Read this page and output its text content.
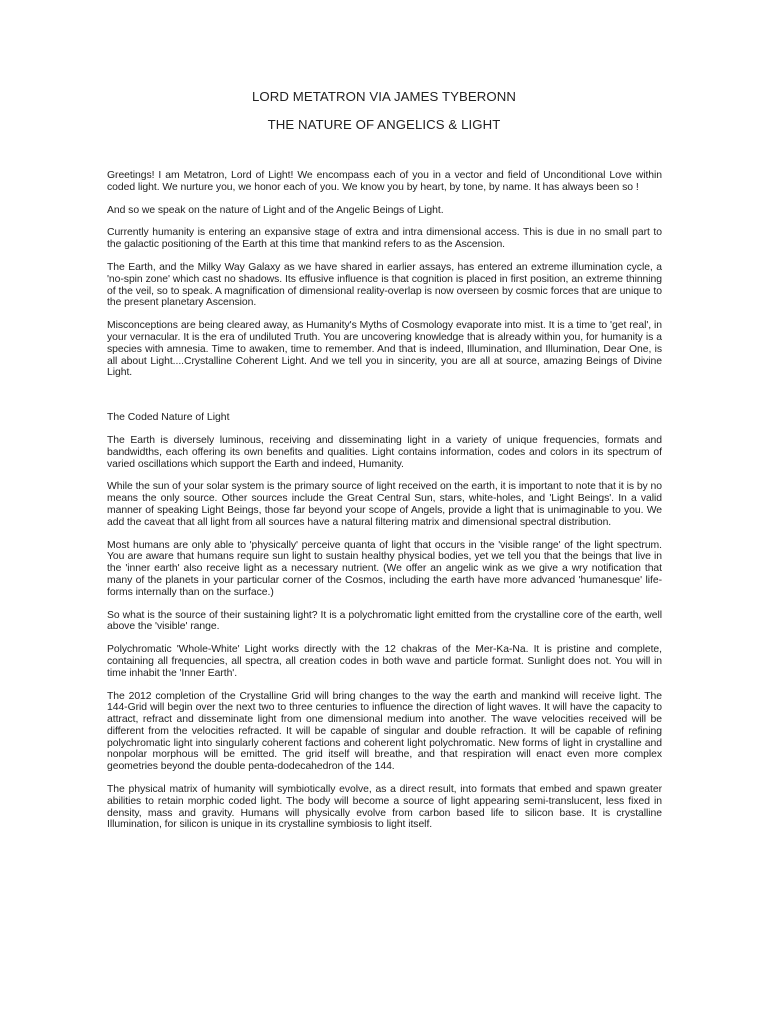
LORD METATRON VIA JAMES TYBERONN
THE NATURE OF ANGELICS & LIGHT

Greetings! I am Metatron, Lord of Light! We encompass each of you in a vector and field of Unconditional Love within coded light. We nurture you, we honor each of you. We know you by heart, by tone, by name. It has always been so !

And so we speak on the nature of Light and of the Angelic Beings of Light.

Currently humanity is entering an expansive stage of extra and intra dimensional access. This is due in no small part to the galactic positioning of the Earth at this time that mankind refers to as the Ascension.

The Earth, and the Milky Way Galaxy as we have shared in earlier assays, has entered an extreme illumination cycle, a 'no-spin zone' which cast no shadows. Its effusive influence is that cognition is placed in first position, an extreme thinning of the veil, so to speak. A magnification of dimensional reality-overlap is now overseen by cosmic forces that are unique to the present planetary Ascension.

Misconceptions are being cleared away, as Humanity's Myths of Cosmology evaporate into mist. It is a time to 'get real', in your vernacular. It is the era of undiluted Truth. You are uncovering knowledge that is already within you, for humanity is a species with amnesia. Time to awaken, time to remember. And that is indeed, Illumination, and Illumination, Dear One, is all about Light....Crystalline Coherent Light. And we tell you in sincerity, you are all at source, amazing Beings of Divine Light.

The Coded Nature of Light

The Earth is diversely luminous, receiving and disseminating light in a variety of unique frequencies, formats and bandwidths, each offering its own benefits and qualities. Light contains information, codes and colors in its spectrum of varied oscillations which support the Earth and indeed, Humanity.

While the sun of your solar system is the primary source of light received on the earth, it is important to note that it is by no means the only source. Other sources include the Great Central Sun, stars, white-holes, and 'Light Beings'. In a valid manner of speaking Light Beings, those far beyond your scope of Angels, provide a light that is unimaginable to you. We add the caveat that all light from all sources have a natural filtering matrix and dimensional spectral distribution.

Most humans are only able to 'physically' perceive quanta of light that occurs in the 'visible range' of the light spectrum. You are aware that humans require sun light to sustain healthy physical bodies, yet we tell you that the beings that live in the 'inner earth' also receive light as a necessary nutrient. (We offer an angelic wink as we give a wry notification that many of the planets in your particular corner of the Cosmos, including the earth have more advanced 'humanesque' life-forms internally than on the surface.)

So what is the source of their sustaining light? It is a polychromatic light emitted from the crystalline core of the earth, well above the 'visible' range.

Polychromatic 'Whole-White' Light works directly with the 12 chakras of the Mer-Ka-Na. It is pristine and complete, containing all frequencies, all spectra, all creation codes in both wave and particle format. Sunlight does not. You will in time inhabit the 'Inner Earth'.

The 2012 completion of the Crystalline Grid will bring changes to the way the earth and mankind will receive light. The 144-Grid will begin over the next two to three centuries to influence the direction of light waves. It will have the capacity to attract, refract and disseminate light from one dimensional medium into another. The wave velocities received will be different from the velocities refracted. It will be capable of singular and double refraction. It will be capable of refining polychromatic light into singularly coherent factions and coherent light polychromatic. New forms of light in crystalline and nonpolar morphous will be emitted. The grid itself will breathe, and that respiration will enact even more complex geometries beyond the double penta-dodecahedron of the 144.

The physical matrix of humanity will symbiotically evolve, as a direct result, into formats that embed and spawn greater abilities to retain morphic coded light. The body will become a source of light appearing semi-translucent, less fixed in density, mass and gravity. Humans will physically evolve from carbon based life to silicon base. It is crystalline Illumination, for silicon is unique in its crystalline symbiosis to light itself.
